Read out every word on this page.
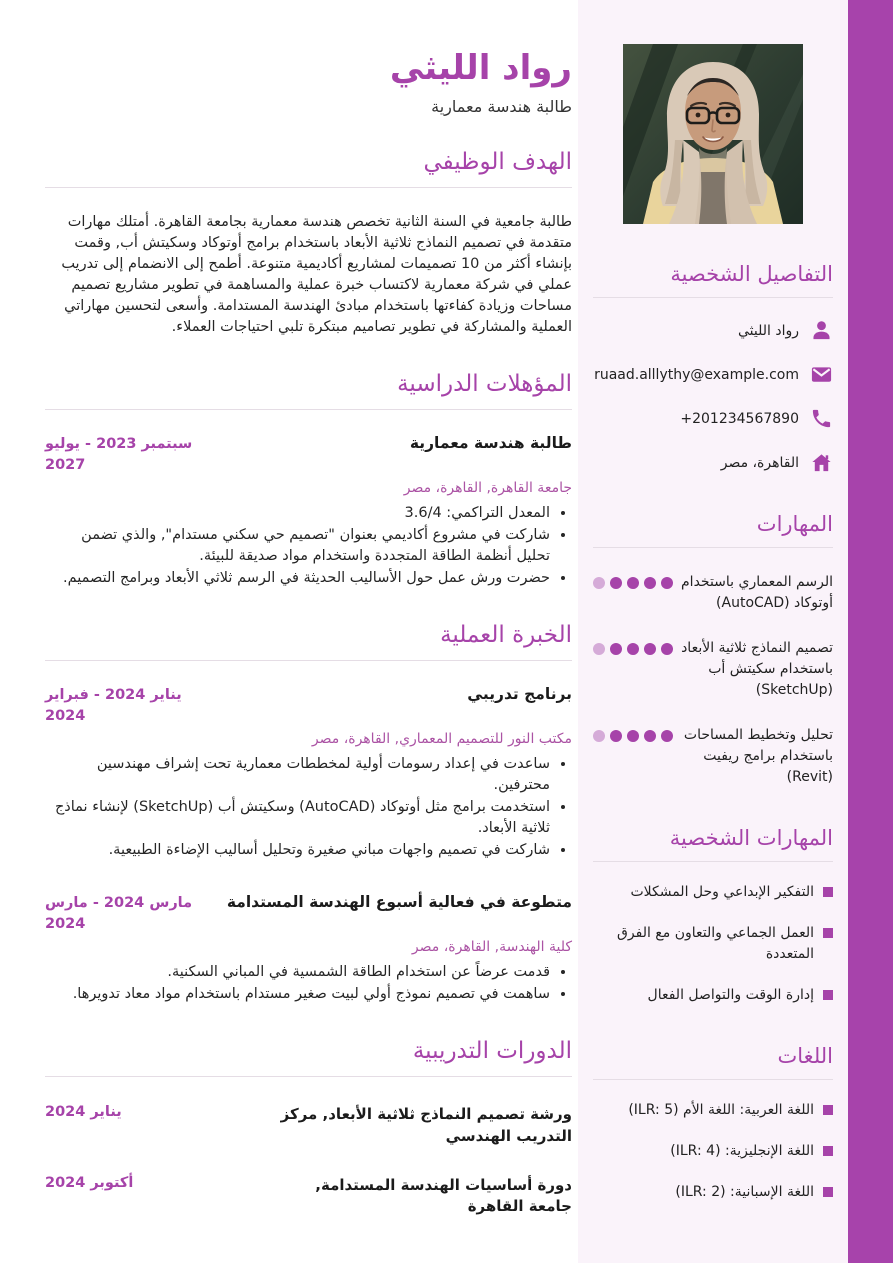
التفاصيل الشخصية
رواد الليثي
ruaad.alllythy@example.com
+201234567890
القاهرة، مصر
المهارات
الرسم المعماري باستخدام أوتوكاد (AutoCAD)
تصميم النماذج ثلاثية الأبعاد باستخدام سكيتش أب (SketchUp)
تحليل وتخطيط المساحات باستخدام برامج ريفيت (Revit)
المهارات الشخصية
التفكير الإبداعي وحل المشكلات
العمل الجماعي والتعاون مع الفرق المتعددة
إدارة الوقت والتواصل الفعال
اللغات
اللغة العربية: اللغة الأم (ILR: 5)
اللغة الإنجليزية: (ILR: 4)
اللغة الإسبانية: (ILR: 2)
رواد الليثي
طالبة هندسة معمارية
الهدف الوظيفي

طالبة جامعية في السنة الثانية تخصص هندسة معمارية بجامعة القاهرة. أمتلك مهارات متقدمة في تصميم النماذج ثلاثية الأبعاد باستخدام برامج أوتوكاد وسكيتش أب, وقمت بإنشاء أكثر من 10 تصميمات لمشاريع أكاديمية متنوعة. أطمح إلى الانضمام إلى تدريب عملي في شركة معمارية لاكتساب خبرة عملية والمساهمة في تطوير مشاريع تصميم مساحات وزيادة كفاءتها باستخدام مبادئ الهندسة المستدامة. وأسعى لتحسين مهاراتي العملية والمشاركة في تطوير تصاميم مبتكرة تلبي احتياجات العملاء.

المؤهلات الدراسية
طالبة هندسة معمارية
سبتمبر 2023 - يوليو 2027
جامعة القاهرة, القاهرة، مصر
• المعدل التراكمي: 3.6/4
• شاركت في مشروع أكاديمي بعنوان "تصميم حي سكني مستدام", والذي تضمن تحليل أنظمة الطاقة المتجددة واستخدام مواد صديقة للبيئة.
• حضرت ورش عمل حول الأساليب الحديثة في الرسم ثلاثي الأبعاد وبرامج التصميم.
الخبرة العملية
برنامج تدريبي
يناير 2024 - فبراير 2024
مكتب النور للتصميم المعماري, القاهرة، مصر
• ساعدت في إعداد رسومات أولية لمخططات معمارية تحت إشراف مهندسين محترفين.
• استخدمت برامج مثل أوتوكاد (AutoCAD) وسكيتش أب (SketchUp) لإنشاء نماذج ثلاثية الأبعاد.
• شاركت في تصميم واجهات مباني صغيرة وتحليل أساليب الإضاءة الطبيعية.
متطوعة في فعالية أسبوع الهندسة المستدامة
مارس 2024 - مارس 2024
كلية الهندسة, القاهرة، مصر
• قدمت عرضاً عن استخدام الطاقة الشمسية في المباني السكنية.
• ساهمت في تصميم نموذج أولي لبيت صغير مستدام باستخدام مواد معاد تدويرها.
الدورات التدريبية
ورشة تصميم النماذج ثلاثية الأبعاد, مركز التدريب الهندسي
يناير 2024
دورة أساسيات الهندسة المستدامة, جامعة القاهرة
أكتوبر 2024
